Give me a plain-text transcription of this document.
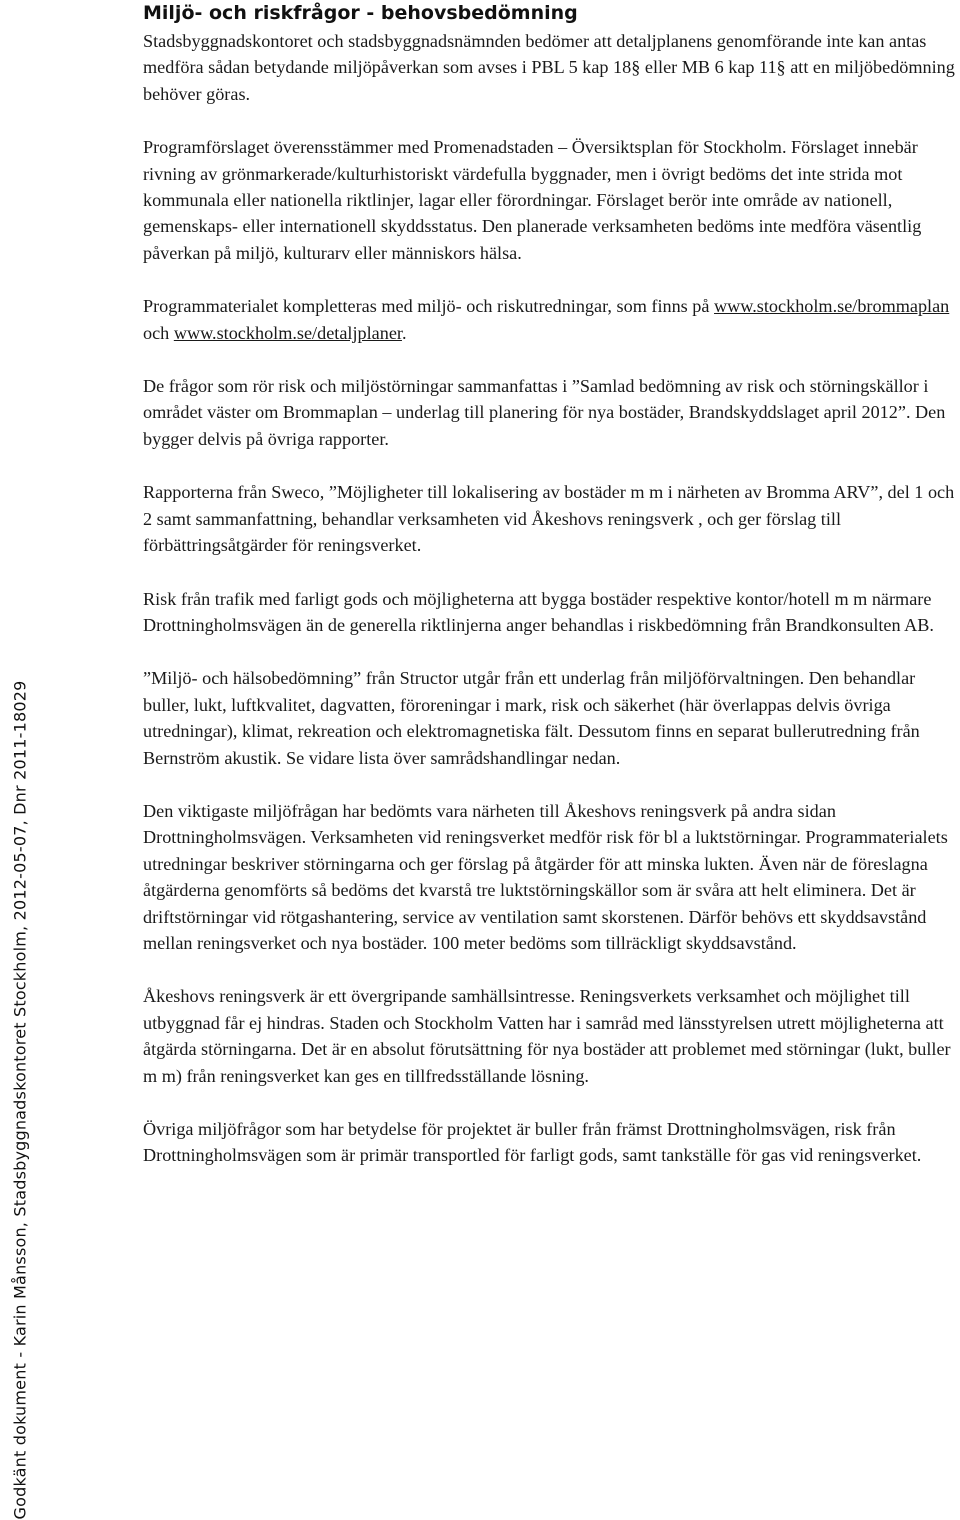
Godkänt dokument - Karin Månsson, Stadsbyggnadskontoret Stockholm, 2012-05-07, Dnr 2011-18029
Miljö- och riskfrågor - behovsbedömning

Stadsbyggnadskontoret och stadsbyggnadsnämnden bedömer att detaljplanens genomförande inte kan antas medföra sådan betydande miljöpåverkan som avses i PBL 5 kap 18§ eller MB 6 kap 11§ att en miljöbedömning behöver göras.

Programförslaget överensstämmer med Promenadstaden – Översiktsplan för Stockholm. Förslaget innebär rivning av grönmarkerade/kulturhistoriskt värdefulla byggnader, men i övrigt bedöms det inte strida mot kommunala eller nationella riktlinjer, lagar eller förordningar. Förslaget berör inte område av nationell, gemenskaps- eller internationell skyddsstatus. Den planerade verksamheten bedöms inte medföra väsentlig påverkan på miljö, kulturarv eller människors hälsa.

Programmaterialet kompletteras med miljö- och riskutredningar, som finns på www.stockholm.se/brommaplan och www.stockholm.se/detaljplaner.

De frågor som rör risk och miljöstörningar sammanfattas i ”Samlad bedömning av risk och störningskällor i området väster om Brommaplan – underlag till planering för nya bostäder, Brandskyddslaget april 2012”. Den bygger delvis på övriga rapporter.

Rapporterna från Sweco, ”Möjligheter till lokalisering av bostäder m m i närheten av Bromma ARV”, del 1 och 2 samt sammanfattning, behandlar verksamheten vid Åkeshovs reningsverk , och ger förslag till förbättringsåtgärder för reningsverket.

Risk från trafik med farligt gods och möjligheterna att bygga bostäder respektive kontor/hotell m m närmare Drottningholmsvägen än de generella riktlinjerna anger behandlas i riskbedömning från Brandkonsulten AB.

”Miljö- och hälsobedömning” från Structor utgår från ett underlag från miljöförvaltningen. Den behandlar buller, lukt, luftkvalitet, dagvatten, föroreningar i mark, risk och säkerhet (här överlappas delvis övriga utredningar), klimat, rekreation och elektromagnetiska fält. Dessutom finns en separat bullerutredning från Bernström akustik. Se vidare lista över samrådshandlingar nedan.

Den viktigaste miljöfrågan har bedömts vara närheten till Åkeshovs reningsverk på andra sidan Drottningholmsvägen. Verksamheten vid reningsverket medför risk för bl a luktstörningar. Programmaterialets utredningar beskriver störningarna och ger förslag på åtgärder för att minska lukten. Även när de föreslagna åtgärderna genomförts så bedöms det kvarstå tre luktstörningskällor som är svåra att helt eliminera. Det är driftstörningar vid rötgashantering, service av ventilation samt skorstenen. Därför behövs ett skyddsavstånd mellan reningsverket och nya bostäder. 100 meter bedöms som tillräckligt skyddsavstånd.

Åkeshovs reningsverk är ett övergripande samhällsintresse. Reningsverkets verksamhet och möjlighet till utbyggnad får ej hindras. Staden och Stockholm Vatten har i samråd med länsstyrelsen utrett möjligheterna att åtgärda störningarna. Det är en absolut förutsättning för nya bostäder att problemet med störningar (lukt, buller m m) från reningsverket kan ges en tillfredsställande lösning.

Övriga miljöfrågor som har betydelse för projektet är buller från främst Drottningholmsvägen, risk från Drottningholmsvägen som är primär transportled för farligt gods, samt tankställe för gas vid reningsverket.
